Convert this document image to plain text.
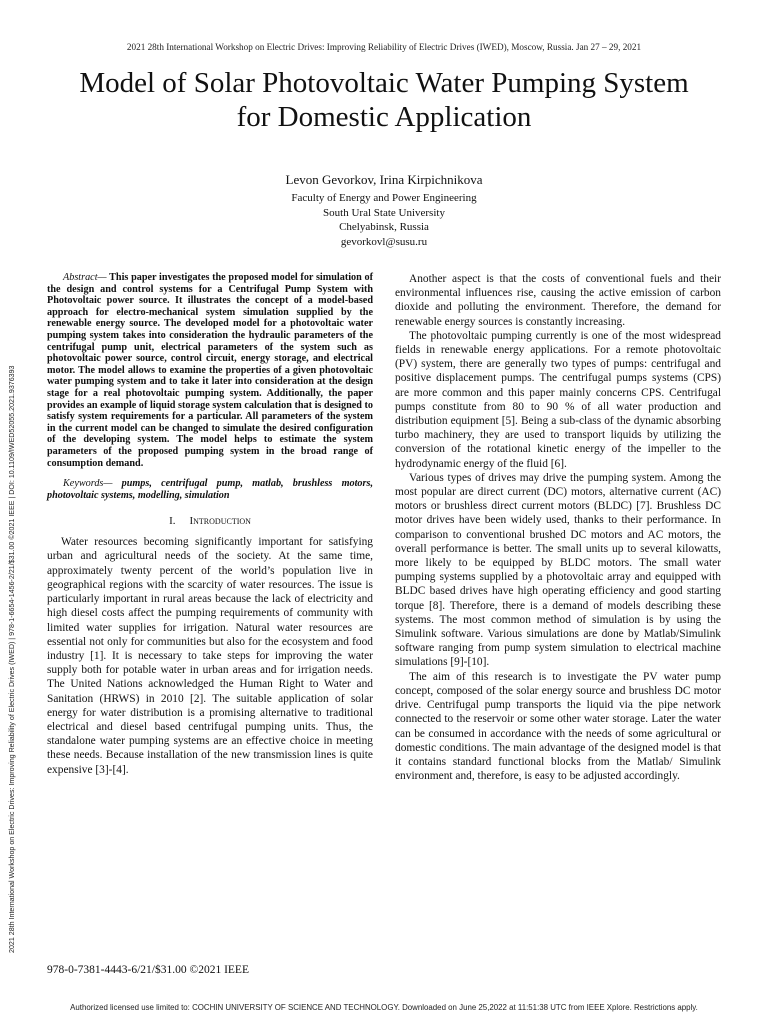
2021 28th International Workshop on Electric Drives: Improving Reliability of Electric Drives (IWED), Moscow, Russia. Jan 27 – 29, 2021
Model of Solar Photovoltaic Water Pumping System for Domestic Application
Levon Gevorkov, Irina Kirpichnikova
Faculty of Energy and Power Engineering
South Ural State University
Chelyabinsk, Russia
gevorkovl@susu.ru
2021 28th International Workshop on Electric Drives: Improving Reliability of Electric Drives (IWED) | 978-1-6654-1456-2/21/$31.00 ©2021 IEEE | DOI: 10.1109/IWED52055.2021.9376393

Abstract— This paper investigates the proposed model for simulation of the design and control systems for a Centrifugal Pump System with Photovoltaic power source. It illustrates the concept of a model-based approach for electro-mechanical system simulation supplied by the renewable energy source. The developed model for a photovoltaic water pumping system takes into consideration the hydraulic parameters of the centrifugal pump unit, electrical parameters of the system such as photovoltaic power source, control circuit, energy storage, and electrical motor. The model allows to examine the properties of a given photovoltaic water pumping system and to take it later into consideration at the design stage for a real photovoltaic pumping system. Additionally, the paper provides an example of liquid storage system calculation that is designed to satisfy system requirements for a particular. All parameters of the system in the current model can be changed to simulate the desired configuration of the developing system. The model helps to estimate the system parameters of the proposed pumping system in the broad range of consumption demand.

Keywords— pumps, centrifugal pump, matlab, brushless motors, photovoltaic systems, modelling, simulation

I. Introduction

Water resources becoming significantly important for satisfying urban and agricultural needs of the society. At the same time, approximately twenty percent of the world’s population live in geographical regions with the scarcity of water resources. The issue is particularly important in rural areas because the lack of electricity and high diesel costs affect the pumping requirements of community with limited water supplies for irrigation. Natural water resources are essential not only for communities but also for the ecosystem and food industry [1]. It is necessary to take steps for improving the water supply both for potable water in urban areas and for irrigation needs. The United Nations acknowledged the Human Right to Water and Sanitation (HRWS) in 2010 [2]. The suitable application of solar energy for water distribution is a promising alternative to traditional electrical and diesel based centrifugal pumping units. Thus, the standalone water pumping systems are an effective choice in meeting these needs. Because installation of the new transmission lines is quite expensive [3]-[4].

Another aspect is that the costs of conventional fuels and their environmental influences rise, causing the active emission of carbon dioxide and polluting the environment. Therefore, the demand for renewable energy sources is constantly increasing.

The photovoltaic pumping currently is one of the most widespread fields in renewable energy applications. For a remote photovoltaic (PV) system, there are generally two types of pumps: centrifugal and positive displacement pumps. The centrifugal pumps systems (CPS) are more common and this paper mainly concerns CPS. Centrifugal pumps constitute from 80 to 90 % of all water production and distribution equipment [5]. Being a sub-class of the dynamic absorbing turbo machinery, they are used to transport liquids by utilizing the conversion of the rotational kinetic energy of the impeller to the hydrodynamic energy of the fluid [6].

Various types of drives may drive the pumping system. Among the most popular are direct current (DC) motors, alternative current (AC) motors or brushless direct current motors (BLDC) [7]. Brushless DC motor drives have been widely used, thanks to their performance. In comparison to conventional brushed DC motors and AC motors, the overall performance is better. The small units up to several kilowatts, more likely to be equipped by BLDC motors. The small water pumping systems supplied by a photovoltaic array and equipped with BLDC based drives have high operating efficiency and good starting torque [8]. Therefore, there is a demand of models describing these systems. The most common method of simulation is by using the Simulink software. Various simulations are done by Matlab/Simulink software ranging from pump system simulation to electrical machine simulations [9]-[10].

The aim of this research is to investigate the PV water pump concept, composed of the solar energy source and brushless DC motor drive. Centrifugal pump transports the liquid via the pipe network connected to the reservoir or some other water storage. Later the water can be consumed in accordance with the needs of some agricultural or domestic conditions. The main advantage of the designed model is that it contains standard functional blocks from the Matlab/ Simulink environment and, therefore, is easy to be adjusted accordingly.

978-0-7381-4443-6/21/$31.00 ©2021 IEEE
Authorized licensed use limited to: COCHIN UNIVERSITY OF SCIENCE AND TECHNOLOGY. Downloaded on June 25,2022 at 11:51:38 UTC from IEEE Xplore. Restrictions apply.
